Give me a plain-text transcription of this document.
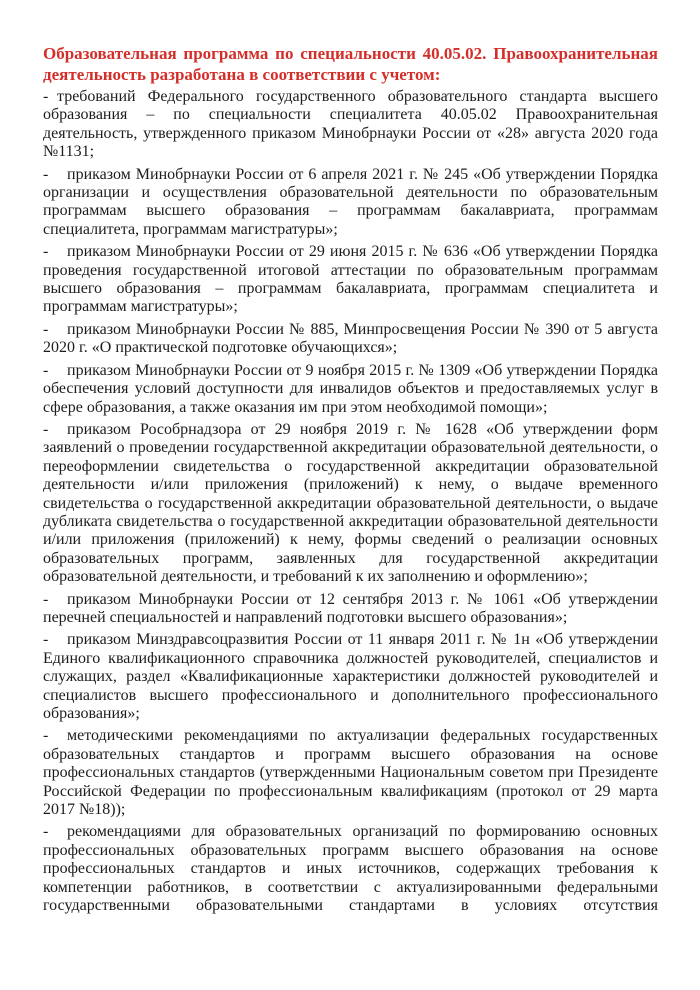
Образовательная программа по специальности 40.05.02. Правоохранительная деятельность разработана в соответствии с учетом:

- требований Федерального государственного образовательного стандарта высшего образования – по специальности специалитета 40.05.02 Правоохранительная деятельность, утвержденного приказом Минобрнауки России от «28» августа 2020 года №1131;

- приказом Минобрнауки России от 6 апреля 2021 г. № 245 «Об утверждении Порядка организации и осуществления образовательной деятельности по образовательным программам высшего образования – программам бакалавриата, программам специалитета, программам магистратуры»;

- приказом Минобрнауки России от 29 июня 2015 г. № 636 «Об утверждении Порядка проведения государственной итоговой аттестации по образовательным программам высшего образования – программам бакалавриата, программам специалитета и программам магистратуры»;

- приказом Минобрнауки России № 885, Минпросвещения России № 390 от 5 августа 2020 г. «О практической подготовке обучающихся»;

- приказом Минобрнауки России от 9 ноября 2015 г. № 1309 «Об утверждении Порядка обеспечения условий доступности для инвалидов объектов и предоставляемых услуг в сфере образования, а также оказания им при этом необходимой помощи»;

- приказом Рособрнадзора от 29 ноября 2019 г. № 1628 «Об утверждении форм заявлений о проведении государственной аккредитации образовательной деятельности, о переоформлении свидетельства о государственной аккредитации образовательной деятельности и/или приложения (приложений) к нему, о выдаче временного свидетельства о государственной аккредитации образовательной деятельности, о выдаче дубликата свидетельства о государственной аккредитации образовательной деятельности и/или приложения (приложений) к нему, формы сведений о реализации основных образовательных программ, заявленных для государственной аккредитации образовательной деятельности, и требований к их заполнению и оформлению»;

- приказом Минобрнауки России от 12 сентября 2013 г. № 1061 «Об утверждении перечней специальностей и направлений подготовки высшего образования»;

- приказом Минздравсоцразвития России от 11 января 2011 г. № 1н «Об утверждении Единого квалификационного справочника должностей руководителей, специалистов и служащих, раздел «Квалификационные характеристики должностей руководителей и специалистов высшего профессионального и дополнительного профессионального образования»;

- методическими рекомендациями по актуализации федеральных государственных образовательных стандартов и программ высшего образования на основе профессиональных стандартов (утвержденными Национальным советом при Президенте Российской Федерации по профессиональным квалификациям (протокол от 29 марта 2017 №18));

- рекомендациями для образовательных организаций по формированию основных профессиональных образовательных программ высшего образования на основе профессиональных стандартов и иных источников, содержащих требования к компетенции работников, в соответствии с актуализированными федеральными государственными образовательными стандартами в условиях отсутствия
